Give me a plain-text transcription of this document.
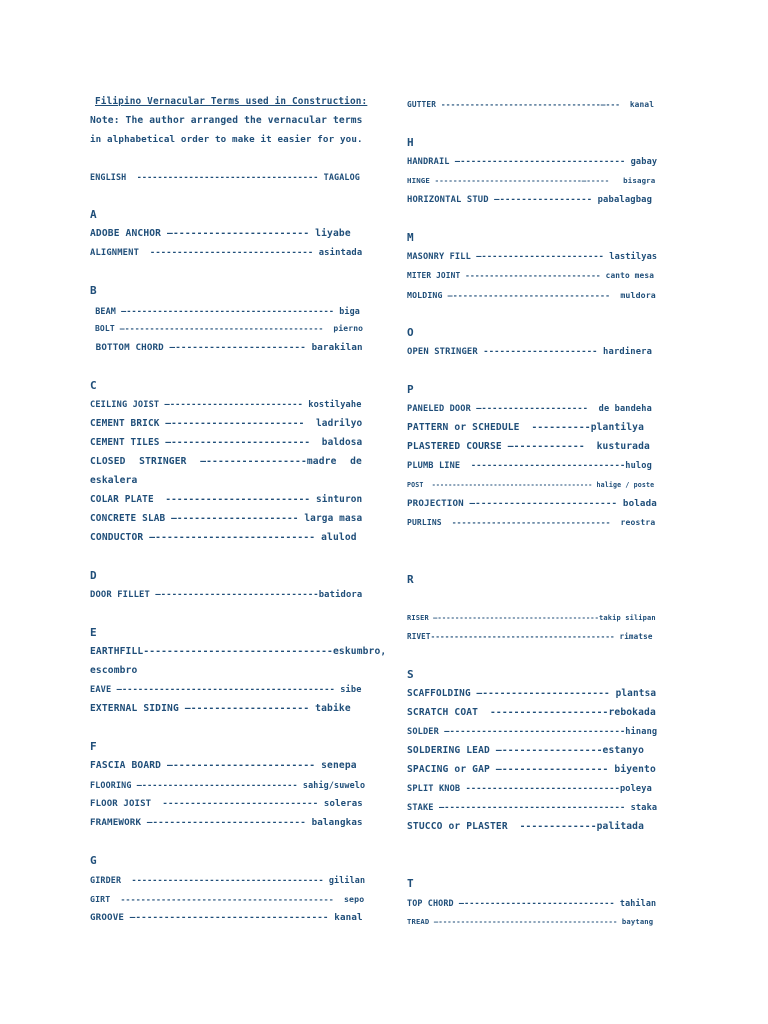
Filipino Vernacular Terms used in Construction:
Note: The author arranged the vernacular terms
in alphabetical order to make it easier for you.
ENGLISH  ----------------------------------- TAGALOG
A
ADOBE ANCHOR –----------------------- liyabe
ALIGNMENT  ------------------------------ asintada
B
BEAM –---------------------------------------- biga
BOLT –----------------------------------------  pierno
BOTTOM CHORD –----------------------- barakilan
C
CEILING JOIST –------------------------- kostilyahe
CEMENT BRICK –-----------------------  ladrilyo
CEMENT TILES –------------------------  baldosa
CLOSED STRINGER –-----------------madre de
eskalera
COLAR PLATE  ------------------------- sinturon
CONCRETE SLAB –--------------------- larga masa
CONDUCTOR –--------------------------- alulod
D
DOOR FILLET –-----------------------------batidora
E
EARTHFILL -------------------------------- eskumbro,
escombro
EAVE –---------------------------------------- sibe
EXTERNAL SIDING –-------------------- tabike
F
FASCIA BOARD –------------------------ senepa
FLOORING –------------------------------ sahig/suwelo
FLOOR JOIST  ---------------------------- soleras
FRAMEWORK –--------------------------- balangkas
G
GIRDER  ------------------------------------- gililan
GIRT  ------------------------------------------  sepo
GROOVE –---------------------------------- kanal
GUTTER ---------------------------------–---  kanal
H
HANDRAIL –------------------------------- gabay
HINGE --------------------------------–-----   bisagra
HORIZONTAL STUD –----------------- pabalagbag
M
MASONRY FILL –----------------------- lastilyas
MITER JOINT ---------------------------- canto mesa
MOLDING –-------------------------------  muldora
O
OPEN STRINGER --------------------- hardinera
P
PANELED DOOR –--------------------  de bandeha
PATTERN or SCHEDULE  ----------plantilya
PLASTERED COURSE –------------  kusturada
PLUMB LINE  -----------------------------hulog
POST  --------------------------------------- halige / poste
PROJECTION –------------------------- bolada
PURLINS  --------------------------------  reostra
R
RISER –-------------------------------------takip silipan
RIVET--------------------------------------- rimatse
S
SCAFFOLDING –---------------------- plantsa
SCRATCH COAT  --------------------rebokada
SOLDER –---------------------------------hinang
SOLDERING LEAD –-----------------estanyo
SPACING or GAP –------------------ biyento
SPLIT KNOB -----------------------------poleya
STAKE –---------------------------------- staka
STUCCO or PLASTER  -------------palitada
T
TOP CHORD –----------------------------- tahilan
TREAD –---------------------------------------- baytang
